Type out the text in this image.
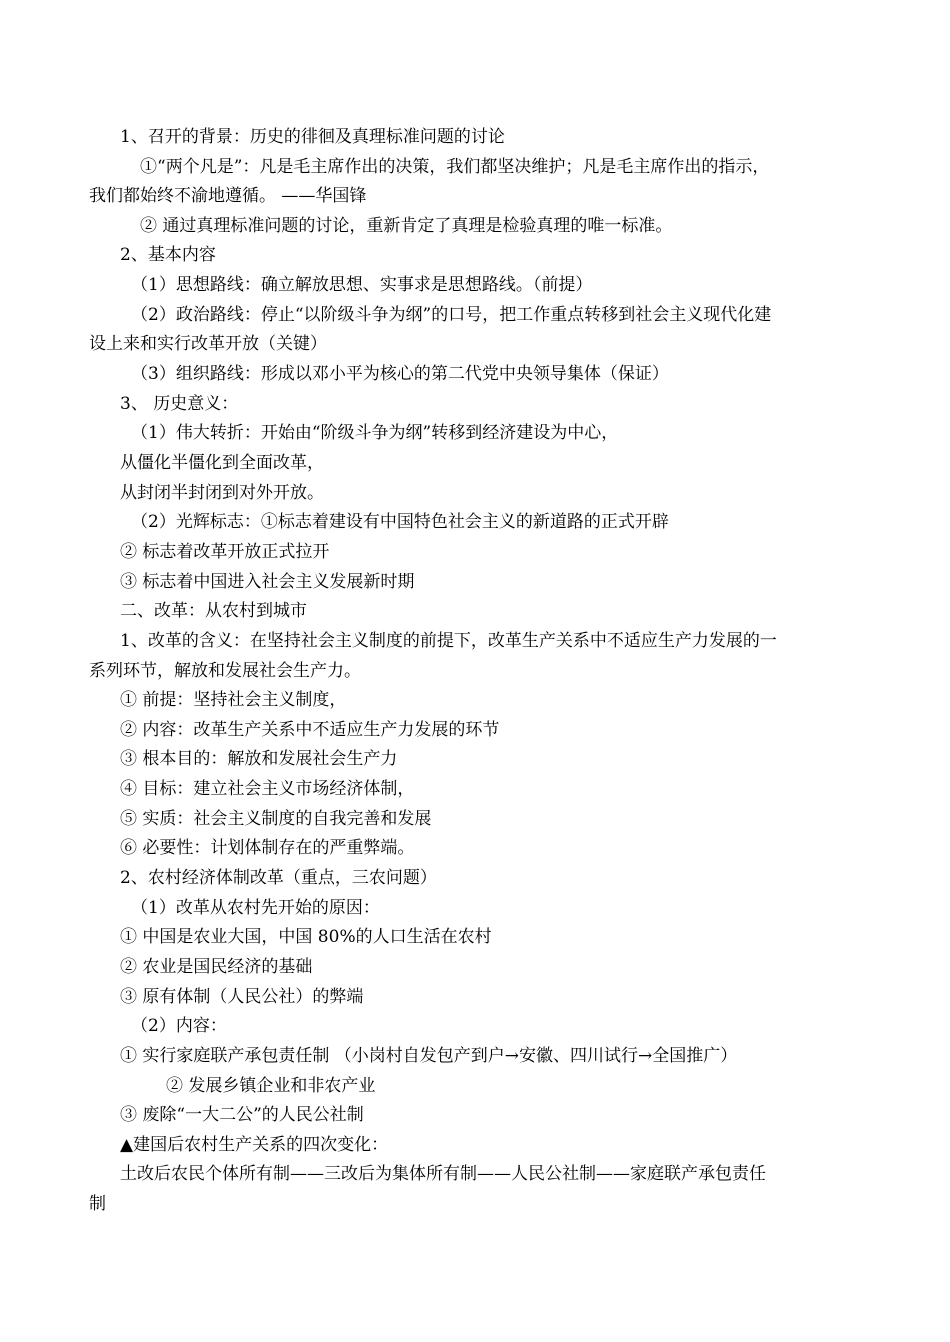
1、召开的背景：历史的徘徊及真理标准问题的讨论
①“两个凡是”：凡是毛主席作出的决策，我们都坚决维护；凡是毛主席作出的指示，
我们都始终不渝地遵循。 ——华国锋
② 通过真理标准问题的讨论，重新肯定了真理是检验真理的唯一标准。
2、基本内容
（1）思想路线：确立解放思想、实事求是思想路线。（前提）
（2）政治路线：停止“以阶级斗争为纲”的口号，把工作重点转移到社会主义现代化建
设上来和实行改革开放（关键）
（3）组织路线：形成以邓小平为核心的第二代党中央领导集体（保证）
3、 历史意义：
（1）伟大转折：开始由“阶级斗争为纲”转移到经济建设为中心，
从僵化半僵化到全面改革，
从封闭半封闭到对外开放。
（2）光辉标志：①标志着建设有中国特色社会主义的新道路的正式开辟
② 标志着改革开放正式拉开
③ 标志着中国进入社会主义发展新时期
二、改革：从农村到城市
1、改革的含义：在坚持社会主义制度的前提下，改革生产关系中不适应生产力发展的一
系列环节，解放和发展社会生产力。
① 前提：坚持社会主义制度，
② 内容：改革生产关系中不适应生产力发展的环节
③ 根本目的：解放和发展社会生产力
④ 目标：建立社会主义市场经济体制，
⑤ 实质：社会主义制度的自我完善和发展
⑥ 必要性：计划体制存在的严重弊端。
2、农村经济体制改革（重点，三农问题）
（1）改革从农村先开始的原因：
① 中国是农业大国，中国 80%的人口生活在农村
② 农业是国民经济的基础
③ 原有体制（人民公社）的弊端
（2）内容：
① 实行家庭联产承包责任制 （小岗村自发包产到户→安徽、四川试行→全国推广）
② 发展乡镇企业和非农产业
③ 废除“一大二公”的人民公社制
▲建国后农村生产关系的四次变化：
土改后农民个体所有制——三改后为集体所有制——人民公社制——家庭联产承包责任
制
